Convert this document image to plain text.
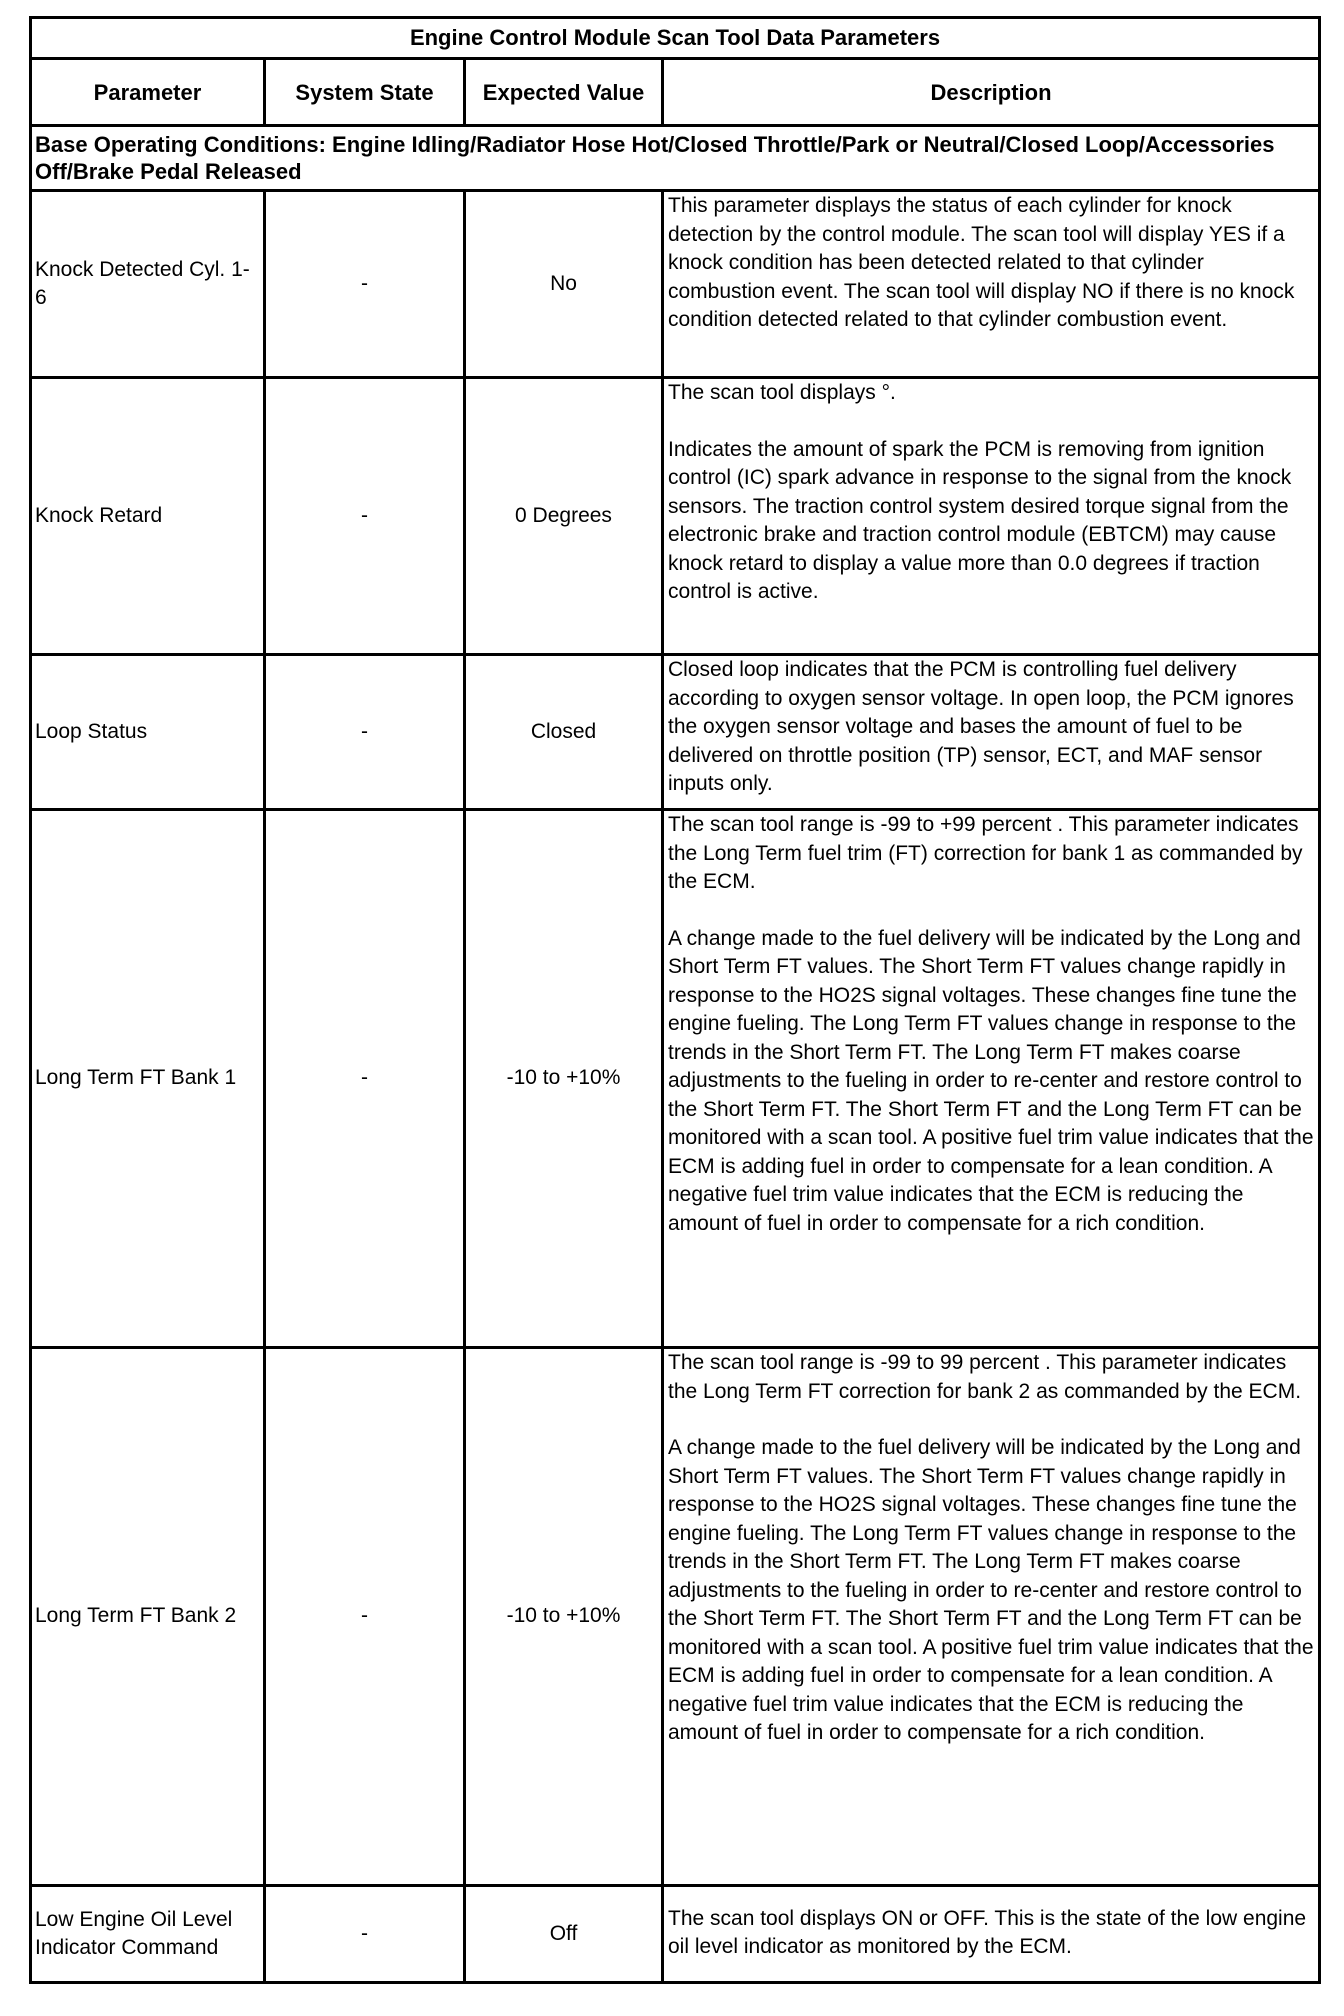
Engine Control Module Scan Tool Data Parameters			
Parameter	System State	Expected Value	Description
Base Operating Conditions: Engine Idling/Radiator Hose Hot/Closed Throttle/Park or Neutral/Closed Loop/Accessories Off/Brake Pedal Released			
Knock Detected Cyl. 1-6	-	No	This parameter displays the status of each cylinder for knock detection by the control module. The scan tool will display YES if a knock condition has been detected related to that cylinder combustion event. The scan tool will display NO if there is no knock condition detected related to that cylinder combustion event.

Knock Retard	-	0 Degrees	The scan tool displays °.

Indicates the amount of spark the PCM is removing from ignition control (IC) spark advance in response to the signal from the knock sensors. The traction control system desired torque signal from the electronic brake and traction control module (EBTCM) may cause knock retard to display a value more than 0.0 degrees if traction control is active.

Loop Status	-	Closed	Closed loop indicates that the PCM is controlling fuel delivery according to oxygen sensor voltage. In open loop, the PCM ignores the oxygen sensor voltage and bases the amount of fuel to be delivered on throttle position (TP) sensor, ECT, and MAF sensor inputs only.

Long Term FT Bank 1	-	-10 to +10%	The scan tool range is -99 to +99 percent . This parameter indicates the Long Term fuel trim (FT) correction for bank 1 as commanded by the ECM.

A change made to the fuel delivery will be indicated by the Long and Short Term FT values. The Short Term FT values change rapidly in response to the HO2S signal voltages. These changes fine tune the engine fueling. The Long Term FT values change in response to the trends in the Short Term FT. The Long Term FT makes coarse adjustments to the fueling in order to re-center and restore control to the Short Term FT. The Short Term FT and the Long Term FT can be monitored with a scan tool. A positive fuel trim value indicates that the ECM is adding fuel in order to compensate for a lean condition. A negative fuel trim value indicates that the ECM is reducing the amount of fuel in order to compensate for a rich condition.

Long Term FT Bank 2	-	-10 to +10%	The scan tool range is -99 to 99 percent . This parameter indicates the Long Term FT correction for bank 2 as commanded by the ECM.

A change made to the fuel delivery will be indicated by the Long and Short Term FT values. The Short Term FT values change rapidly in response to the HO2S signal voltages. These changes fine tune the engine fueling. The Long Term FT values change in response to the trends in the Short Term FT. The Long Term FT makes coarse adjustments to the fueling in order to re-center and restore control to the Short Term FT. The Short Term FT and the Long Term FT can be monitored with a scan tool. A positive fuel trim value indicates that the ECM is adding fuel in order to compensate for a lean condition. A negative fuel trim value indicates that the ECM is reducing the amount of fuel in order to compensate for a rich condition.

Low Engine Oil Level Indicator Command	-	Off	The scan tool displays ON or OFF. This is the state of the low engine oil level indicator as monitored by the ECM.
